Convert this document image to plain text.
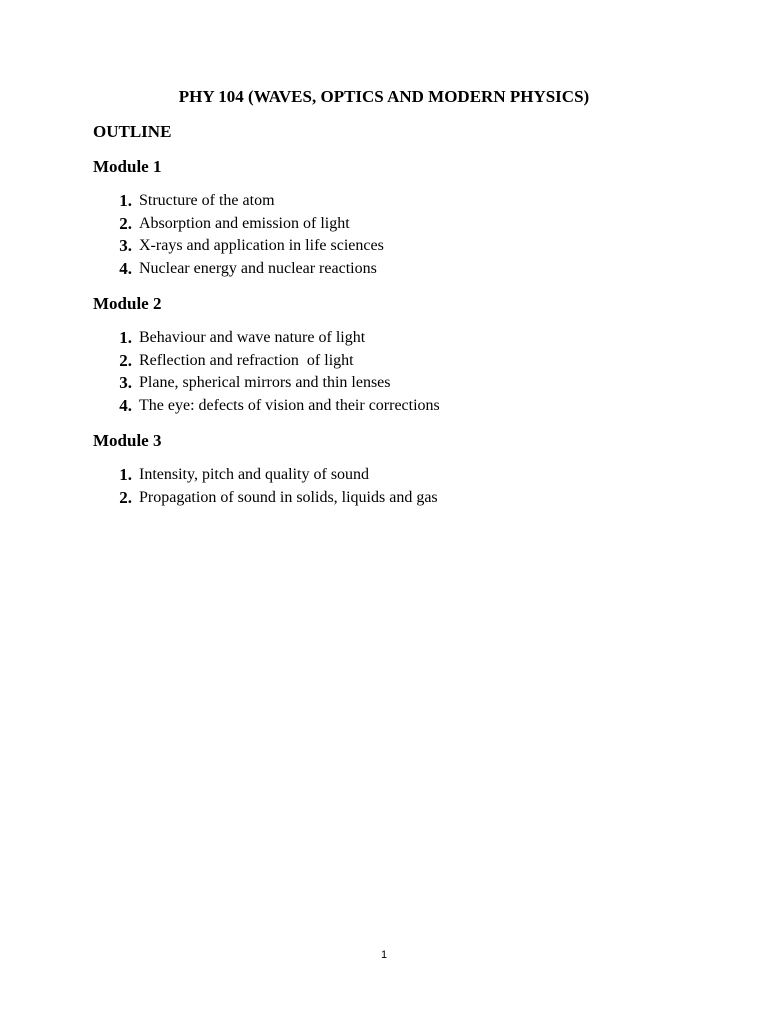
PHY 104 (WAVES, OPTICS AND MODERN PHYSICS)
OUTLINE
Module 1
1. Structure of the atom
2. Absorption and emission of light
3. X-rays and application in life sciences
4. Nuclear energy and nuclear reactions
Module 2
1. Behaviour and wave nature of light
2. Reflection and refraction  of light
3. Plane, spherical mirrors and thin lenses
4. The eye: defects of vision and their corrections
Module 3
1. Intensity, pitch and quality of sound
2. Propagation of sound in solids, liquids and gas
1
